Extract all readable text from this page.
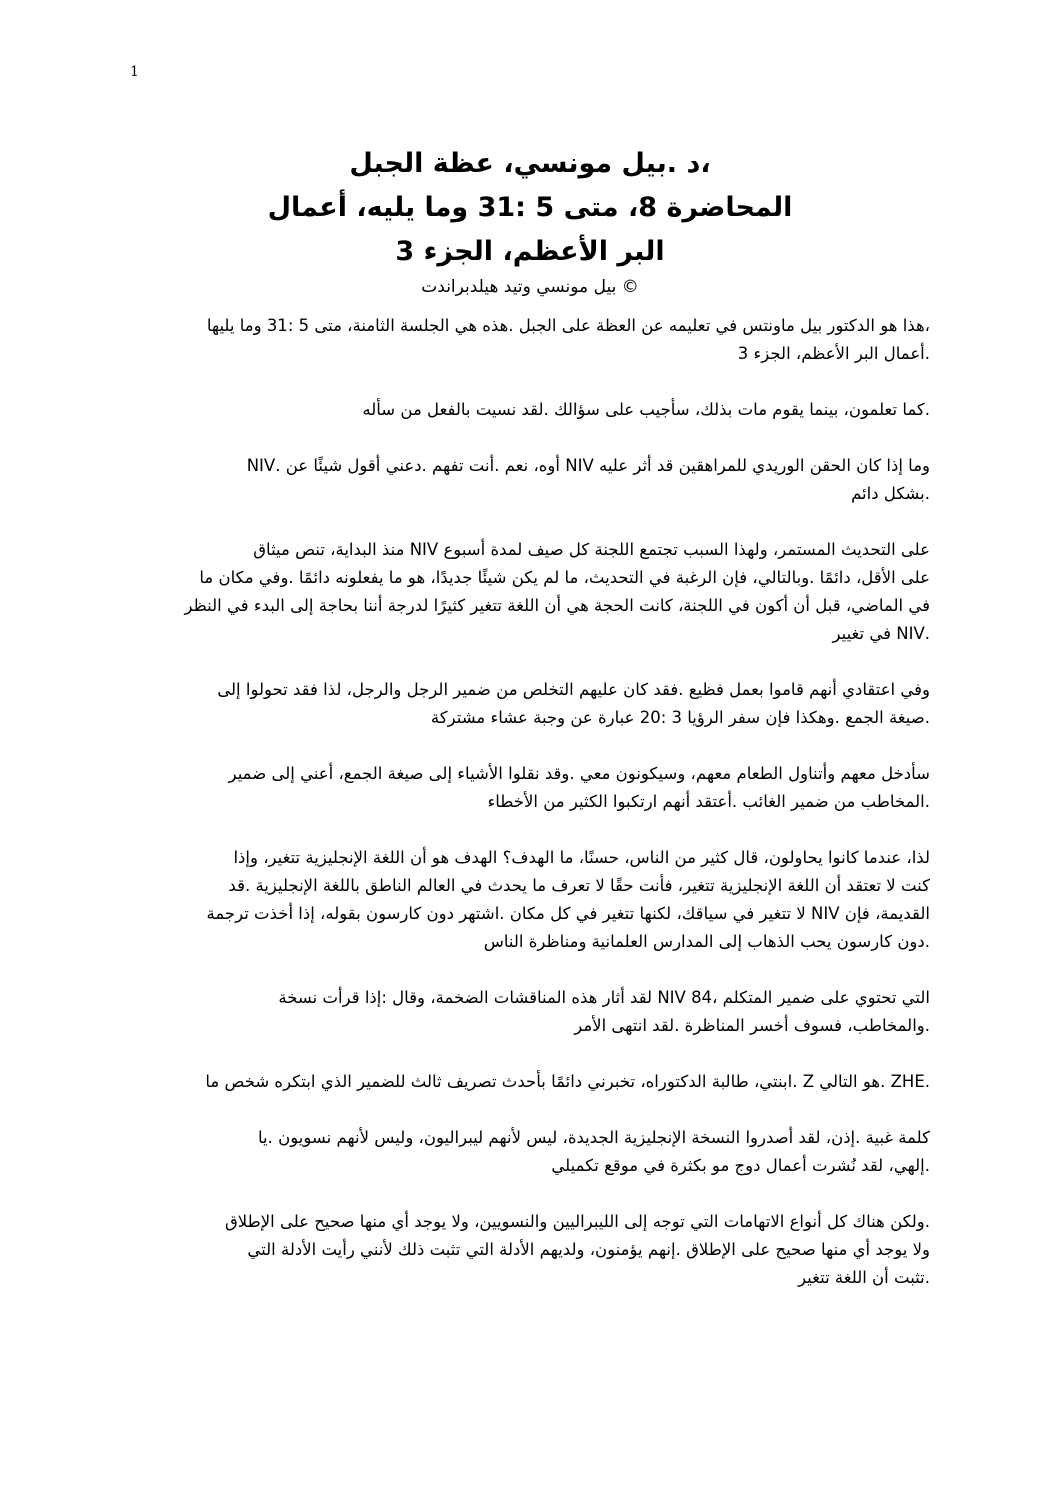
1
،د .بيل مونسي، عظة الجبل
المحاضرة 8، متى 5 :31 وما يليه، أعمال
البر الأعظم، الجزء 3
© بيل مونسي وتيد هيلدبراندت
،هذا هو الدكتور بيل ماونتس في تعليمه عن العظة على الجبل .هذه هي الجلسة الثامنة، متى 5 :31 وما يليها
.أعمال البر الأعظم، الجزء 3
.كما تعلمون، بينما يقوم مات بذلك، سأجيب على سؤالك .لقد نسيت بالفعل من سأله
وما إذا كان الحقن الوريدي للمراهقين قد أثر عليه NIV أوه، نعم .أنت تفهم .دعني أقول شيئًا عن .NIV
.بشكل دائم
على التحديث المستمر، ولهذا السبب تجتمع اللجنة كل صيف لمدة أسبوع NIV منذ البداية، تنص ميثاق
على الأقل، دائمًا .وبالتالي، فإن الرغبة في التحديث، ما لم يكن شيئًا جديدًا، هو ما يفعلونه دائمًا .وفي مكان ما
في الماضي، قبل أن أكون في اللجنة، كانت الحجة هي أن اللغة تتغير كثيرًا لدرجة أننا بحاجة إلى البدء في النظر
.NIV في تغيير
وفي اعتقادي أنهم قاموا بعمل فظيع .فقد كان عليهم التخلص من ضمير الرجل والرجل، لذا فقد تحولوا إلى
.صيغة الجمع .وهكذا فإن سفر الرؤيا 3 :20 عبارة عن وجبة عشاء مشتركة
سأدخل معهم وأتناول الطعام معهم، وسيكونون معي .وقد نقلوا الأشياء إلى صيغة الجمع، أعني إلى ضمير
.المخاطب من ضمير الغائب .أعتقد أنهم ارتكبوا الكثير من الأخطاء
لذا، عندما كانوا يحاولون، قال كثير من الناس، حسنًا، ما الهدف؟ الهدف هو أن اللغة الإنجليزية تتغير، وإذا
كنت لا تعتقد أن اللغة الإنجليزية تتغير، فأنت حقًا لا تعرف ما يحدث في العالم الناطق باللغة الإنجليزية .قد
القديمة، فإن NIV لا تتغير في سياقك، لكنها تتغير في كل مكان .اشتهر دون كارسون بقوله، إذا أخذت ترجمة
.دون كارسون يحب الذهاب إلى المدارس العلمانية ومناظرة الناس
التي تحتوي على ضمير المتكلم ،84 NIV لقد أثار هذه المناقشات الضخمة، وقال :إذا قرأت نسخة
.والمخاطب، فسوف أخسر المناظرة .لقد انتهى الأمر
.ZHE .هو التالي Z .ابنتي، طالبة الدكتوراه، تخبرني دائمًا بأحدث تصريف ثالث للضمير الذي ابتكره شخص ما
كلمة غبية .إذن، لقد أصدروا النسخة الإنجليزية الجديدة، ليس لأنهم ليبراليون، وليس لأنهم نسويون .يا
.إلهي، لقد نُشرت أعمال دوج مو بكثرة في موقع تكميلي
.ولكن هناك كل أنواع الاتهامات التي توجه إلى الليبراليين والنسويين، ولا يوجد أي منها صحيح على الإطلاق
ولا يوجد أي منها صحيح على الإطلاق .إنهم يؤمنون، ولديهم الأدلة التي تثبت ذلك لأنني رأيت الأدلة التي
.تثبت أن اللغة تتغير
